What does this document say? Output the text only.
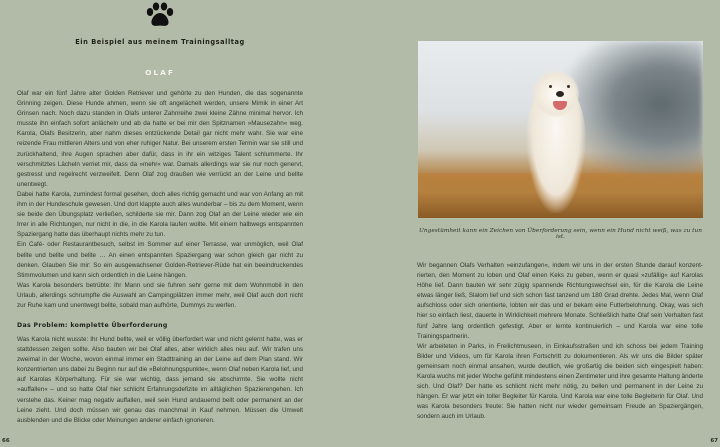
Ein Beispiel aus meinem Trainingsalltag
OLAF

Olaf war ein fünf Jahre alter Golden Retriever und gehörte zu den Hunden, die das sogenannte Grinning zeigen. Diese Hunde ahmen, wenn sie oft angelächelt werden, unsere Mimik in einer Art Grinsen nach. Noch dazu standen in Olafs unterer Zahnreihe zwei kleine Zähne minimal hervor. Ich musste ihn einfach sofort anlächeln und ab da hatte er bei mir den Spitznamen »Mausezahn« weg. Karola, Olafs Besitzerin, aber nahm dieses entzückende Detail gar nicht mehr wahr. Sie war eine reizende Frau mittleren Alters und von eher ruhiger Natur. Bei unserem ersten Termin war sie still und zurückhaltend, ihre Augen sprachen aber dafür, dass in ihr ein witziges Talent schlummerte. Ihr verschmitztes Lächeln verriet mir, dass da »mehr« war. Damals allerdings war sie nur noch genervt, gestresst und regelrecht verzweifelt. Denn Olaf zog draußen wie verrückt an der Leine und bellte unentwegt.

Dabei hatte Karola, zumindest formal gesehen, doch alles richtig gemacht und war von Anfang an mit ihm in der Hundeschule gewesen. Und dort klappte auch alles wunderbar – bis zu dem Moment, wenn sie beide den Übungsplatz verließen, schilderte sie mir. Dann zog Olaf an der Leine wieder wie ein Irrer in alle Richtungen, nur nicht in die, in die Karola laufen wollte. Mit einem halbwegs entspannten Spaziergang hatte das überhaupt nichts mehr zu tun.

Ein Café- oder Restaurantbesuch, selbst im Sommer auf einer Terrasse, war unmöglich, weil Olaf bellte und bellte und bellte … An einen entspannten Spaziergang war schon gleich gar nicht zu denken. Glauben Sie mir: So ein ausgewachsener Golden-Retriever-Rüde hat ein beeindruckendes Stimmvolumen und kann sich ordentlich in die Leine hängen.

Was Karola besonders betrübte: Ihr Mann und sie fuhren sehr gerne mit dem Wohnmobil in den Urlaub, allerdings schrumpfte die Auswahl an Campingplätzen immer mehr, weil Olaf auch dort nicht zur Ruhe kam und unentwegt bellte, sobald man aufhörte, Dummys zu werfen.

Das Problem: komplette Überforderung

Was Karola nicht wusste: Ihr Hund bellte, weil er völlig überfordert war und nicht gelernt hatte, was er stattdessen zeigen sollte. Also bauten wir bei Olaf alles, aber wirklich alles neu auf. Wir trafen uns zweimal in der Woche, wovon einmal immer ein Stadttraining an der Leine auf dem Plan stand. Wir konzentrierten uns dabei zu Beginn nur auf die »Belohnungspunkte«, wenn Olaf neben Karola lief, und auf Karolas Körperhaltung. Für sie war wichtig, dass jemand sie abschirmte. Sie wollte nicht »auffallen« – und so hatte Olaf hier schlicht Erfahrungsdefizite im alltäglichen Spazierengehen. Ich verstehe das. Keiner mag negativ auffallen, weil sein Hund andauernd bellt oder permanent an der Leine zieht. Und doch müssen wir genau das manchmal in Kauf nehmen. Müssen die Umwelt ausblenden und die Blicke oder Meinungen anderer einfach ignorieren.

66
Ungestümheit kann ein Zeichen von Überforderung sein, wenn ein Hund nicht weiß, was zu tun ist.

Wir begannen Olafs Verhalten »einzufangen«, indem wir uns in der ersten Stunde darauf konzentrierten, den Moment zu loben und Olaf einen Keks zu geben, wenn er quasi »zufällig« auf Karolas Höhe lief. Dann bauten wir sehr zügig spannende Richtungswechsel ein, für die Karola die Leine etwas länger ließ, Slalom lief und sich schon fast tanzend um 180 Grad drehte. Jedes Mal, wenn Olaf aufschloss oder sich orientierte, lobten wir das und er bekam eine Futterbelohnung. Okay, was sich hier so einfach liest, dauerte in Wirklichkeit mehrere Monate. Schließlich hatte Olaf sein Verhalten fast fünf Jahre lang ordentlich gefestigt. Aber er lernte kontinuierlich – und Karola war eine tolle Trainingspartnerin.

Wir arbeiteten in Parks, in Freilichtmuseen, in Einkaufsstraßen und ich schoss bei jedem Training Bilder und Videos, um für Karola ihren Fortschritt zu dokumentieren. Als wir uns die Bilder später gemeinsam noch einmal ansahen, wurde deutlich, wie großartig die beiden sich eingespielt haben: Karola wuchs mit jeder Woche gefühlt mindestens einen Zentimeter und ihre gesamte Haltung änderte sich. Und Olaf? Der hatte es schlicht nicht mehr nötig, zu bellen und permanent in der Leine zu hängen. Er war jetzt ein toller Begleiter für Karola. Und Karola war eine tolle Begleiterin für Olaf. Und was Karola besonders freute: Sie hatten nicht nur wieder gemeinsam Freude an Spaziergängen, sondern auch im Urlaub.

67
